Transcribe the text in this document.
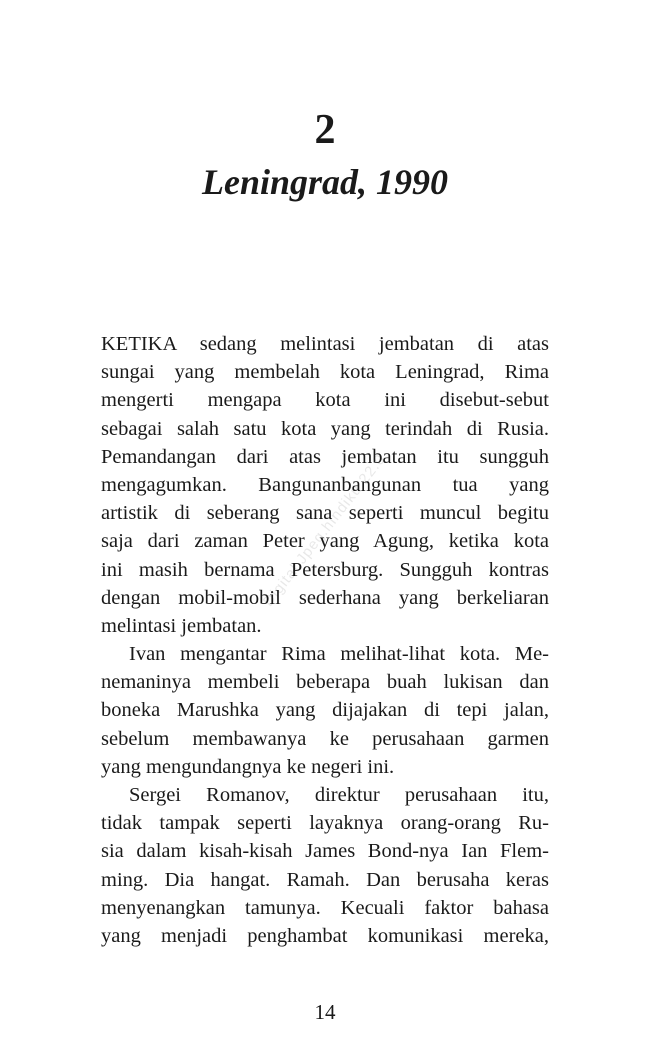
2
Leningrad, 1990
Digital Jpeg.hindiku 22.0
KETIKA sedang melintasi jembatan di atas
sungai yang membelah kota Leningrad, Rima
mengerti mengapa kota ini disebut-sebut
sebagai salah satu kota yang terindah di Rusia.
Pemandangan dari atas jembatan itu sungguh
mengagumkan. Bangunanbangunan tua yang
artistik di seberang sana seperti muncul begitu
saja dari zaman Peter yang Agung, ketika kota
ini masih bernama Petersburg. Sungguh kontras
dengan mobil-mobil sederhana yang berkeliaran
melintasi jembatan.
Ivan mengantar Rima melihat-lihat kota. Me-
nemaninya membeli beberapa buah lukisan dan
boneka Marushka yang dijajakan di tepi jalan,
sebelum membawanya ke perusahaan garmen
yang mengundangnya ke negeri ini.
Sergei Romanov, direktur perusahaan itu,
tidak tampak seperti layaknya orang-orang Ru-
sia dalam kisah-kisah James Bond-nya Ian Flem-
ming. Dia hangat. Ramah. Dan berusaha keras
menyenangkan tamunya. Kecuali faktor bahasa
yang menjadi penghambat komunikasi mereka,
14
